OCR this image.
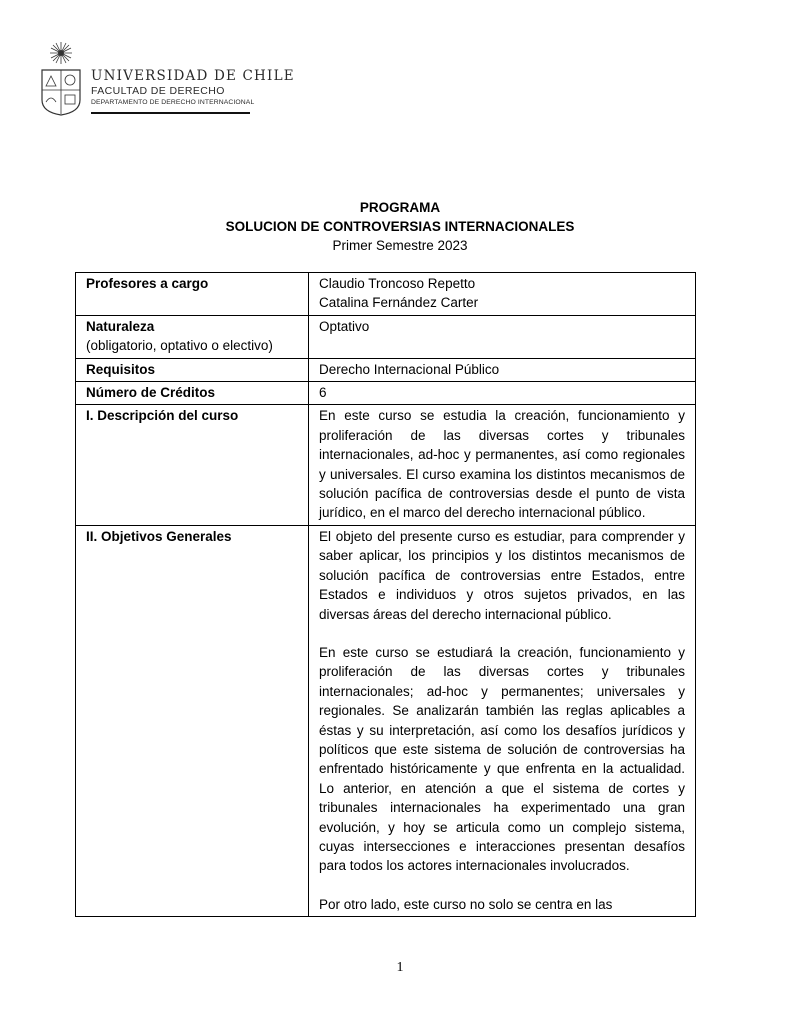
UNIVERSIDAD DE CHILE
FACULTAD DE DERECHO
DEPARTAMENTO DE DERECHO INTERNACIONAL
PROGRAMA
SOLUCION DE CONTROVERSIAS INTERNACIONALES
Primer Semestre 2023
Profesores a cargo	Claudio Troncoso Repetto
Catalina Fernández Carter

Naturaleza
(obligatorio, optativo o electivo)	Optativo
Requisitos	Derecho Internacional Público
Número de Créditos	6
I. Descripción del curso	En este curso se estudia la creación, funcionamiento y proliferación de las diversas cortes y tribunales internacionales, ad-hoc y permanentes, así como regionales y universales. El curso examina los distintos mecanismos de solución pacífica de controversias desde el punto de vista jurídico, en el marco del derecho internacional público.
II. Objetivos Generales	El objeto del presente curso es estudiar, para comprender y saber aplicar, los principios y los distintos mecanismos de solución pacífica de controversias entre Estados, entre Estados e individuos y otros sujetos privados, en las diversas áreas del derecho internacional público.

En este curso se estudiará la creación, funcionamiento y proliferación de las diversas cortes y tribunales internacionales; ad-hoc y permanentes; universales y regionales. Se analizarán también las reglas aplicables a éstas y su interpretación, así como los desafíos jurídicos y políticos que este sistema de solución de controversias ha enfrentado históricamente y que enfrenta en la actualidad. Lo anterior, en atención a que el sistema de cortes y tribunales internacionales ha experimentado una gran evolución, y hoy se articula como un complejo sistema, cuyas intersecciones e interacciones presentan desafíos para todos los actores internacionales involucrados.

Por otro lado, este curso no solo se centra en las

1
